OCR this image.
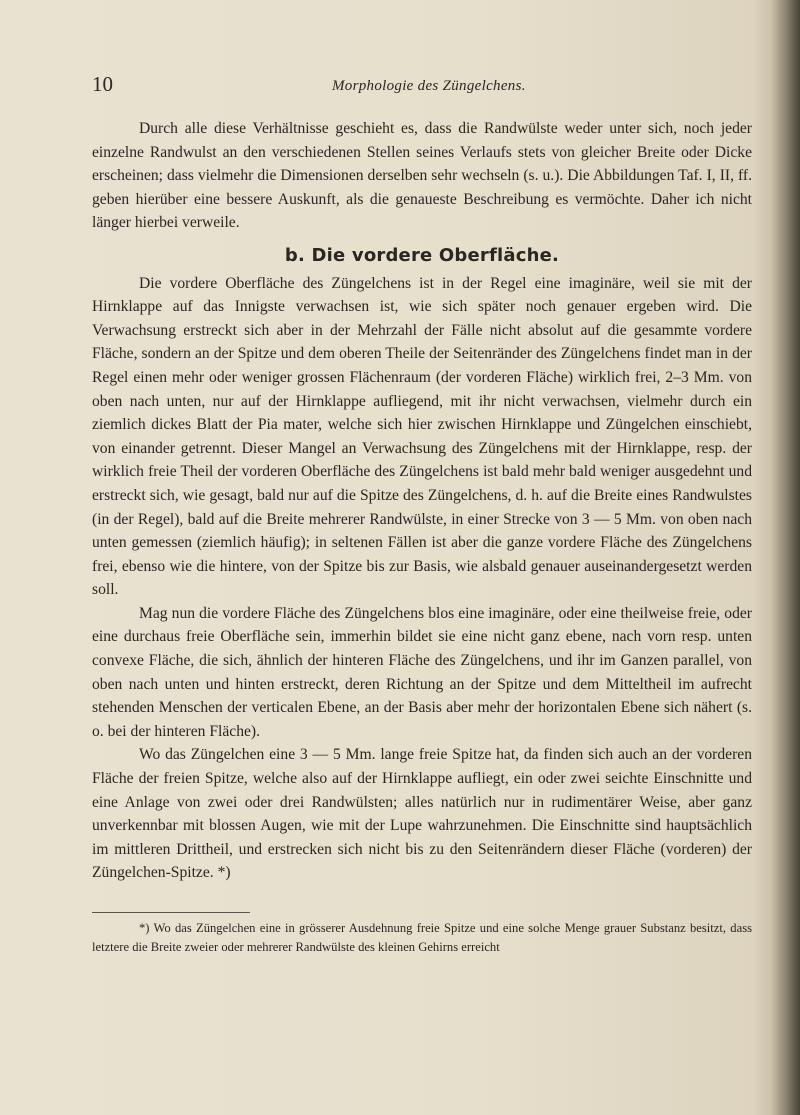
10	Morphologie des Züngelchens.

Durch alle diese Verhältnisse geschieht es, dass die Randwülste weder unter sich, noch jeder einzelne Randwulst an den verschiedenen Stellen seines Verlaufs stets von gleicher Breite oder Dicke erscheinen; dass vielmehr die Dimensionen derselben sehr wechseln (s. u.). Die Abbildungen Taf. I, II, ff. geben hierüber eine bessere Auskunft, als die genaueste Beschreibung es vermöchte. Daher ich nicht länger hierbei verweile.

b. Die vordere Oberfläche.

Die vordere Oberfläche des Züngelchens ist in der Regel eine imaginäre, weil sie mit der Hirnklappe auf das Innigste verwachsen ist, wie sich später noch genauer ergeben wird. Die Verwachsung erstreckt sich aber in der Mehrzahl der Fälle nicht absolut auf die gesammte vordere Fläche, sondern an der Spitze und dem oberen Theile der Seitenränder des Züngelchens findet man in der Regel einen mehr oder weniger grossen Flächenraum (der vorderen Fläche) wirklich frei, 2–3 Mm. von oben nach unten, nur auf der Hirnklappe aufliegend, mit ihr nicht verwachsen, vielmehr durch ein ziemlich dickes Blatt der Pia mater, welche sich hier zwischen Hirnklappe und Züngelchen einschiebt, von einander getrennt. Dieser Mangel an Verwachsung des Züngelchens mit der Hirnklappe, resp. der wirklich freie Theil der vorderen Oberfläche des Züngelchens ist bald mehr bald weniger ausgedehnt und erstreckt sich, wie gesagt, bald nur auf die Spitze des Züngelchens, d. h. auf die Breite eines Randwulstes (in der Regel), bald auf die Breite mehrerer Randwülste, in einer Strecke von 3 — 5 Mm. von oben nach unten gemessen (ziemlich häufig); in seltenen Fällen ist aber die ganze vordere Fläche des Züngelchens frei, ebenso wie die hintere, von der Spitze bis zur Basis, wie alsbald genauer auseinandergesetzt werden soll.

Mag nun die vordere Fläche des Züngelchens blos eine imaginäre, oder eine theilweise freie, oder eine durchaus freie Oberfläche sein, immerhin bildet sie eine nicht ganz ebene, nach vorn resp. unten convexe Fläche, die sich, ähnlich der hinteren Fläche des Züngelchens, und ihr im Ganzen parallel, von oben nach unten und hinten erstreckt, deren Richtung an der Spitze und dem Mitteltheil im aufrecht stehenden Menschen der verticalen Ebene, an der Basis aber mehr der horizontalen Ebene sich nähert (s. o. bei der hinteren Fläche).

Wo das Züngelchen eine 3 — 5 Mm. lange freie Spitze hat, da finden sich auch an der vorderen Fläche der freien Spitze, welche also auf der Hirnklappe aufliegt, ein oder zwei seichte Einschnitte und eine Anlage von zwei oder drei Randwülsten; alles natürlich nur in rudimentärer Weise, aber ganz unverkennbar mit blossen Augen, wie mit der Lupe wahrzunehmen. Die Einschnitte sind hauptsächlich im mittleren Drittheil, und erstrecken sich nicht bis zu den Seitenrändern dieser Fläche (vorderen) der Züngelchen-Spitze. *)

*) Wo das Züngelchen eine in grösserer Ausdehnung freie Spitze und eine solche Menge grauer Substanz besitzt, dass letztere die Breite zweier oder mehrerer Randwülste des kleinen Gehirns erreicht
